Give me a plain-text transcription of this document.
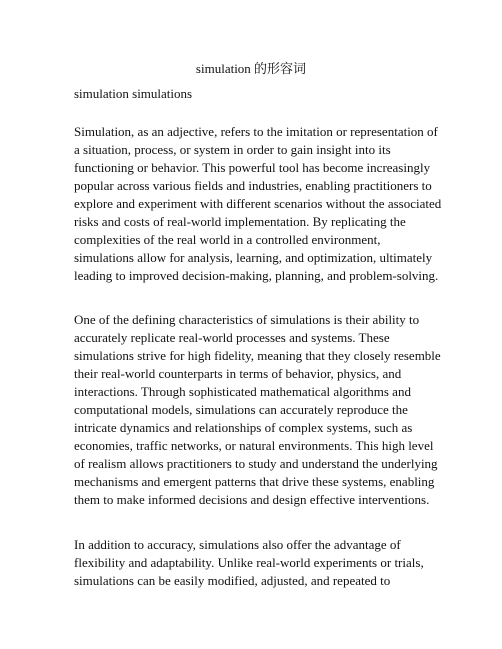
simulation 的形容词

simulation simulations

Simulation, as an adjective, refers to the imitation or representation of a situation, process, or system in order to gain insight into its functioning or behavior. This powerful tool has become increasingly popular across various fields and industries, enabling practitioners to explore and experiment with different scenarios without the associated risks and costs of real-world implementation. By replicating the complexities of the real world in a controlled environment, simulations allow for analysis, learning, and optimization, ultimately leading to improved decision-making, planning, and problem-solving.

One of the defining characteristics of simulations is their ability to accurately replicate real-world processes and systems. These simulations strive for high fidelity, meaning that they closely resemble their real-world counterparts in terms of behavior, physics, and interactions. Through sophisticated mathematical algorithms and computational models, simulations can accurately reproduce the intricate dynamics and relationships of complex systems, such as economies, traffic networks, or natural environments. This high level of realism allows practitioners to study and understand the underlying mechanisms and emergent patterns that drive these systems, enabling them to make informed decisions and design effective interventions.

In addition to accuracy, simulations also offer the advantage of flexibility and adaptability. Unlike real-world experiments or trials, simulations can be easily modified, adjusted, and repeated to
